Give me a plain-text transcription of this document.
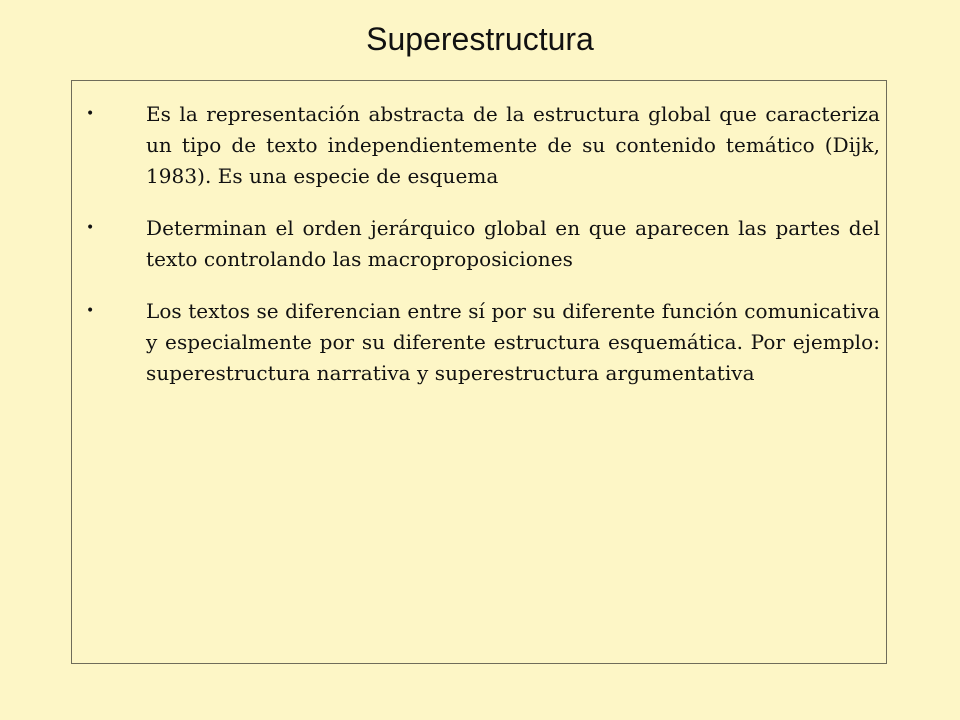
Superestructura
•	Es la representación abstracta de la estructura global que caracteriza un tipo de texto independientemente de su contenido temático (Dijk, 1983). Es una especie de esquema
•	Determinan el orden jerárquico global en que aparecen las partes del texto controlando las macroproposiciones
•	Los textos se diferencian entre sí por su diferente función comunicativa y especialmente por su diferente estructura esquemática. Por ejemplo: superestructura narrativa y superestructura argumentativa
